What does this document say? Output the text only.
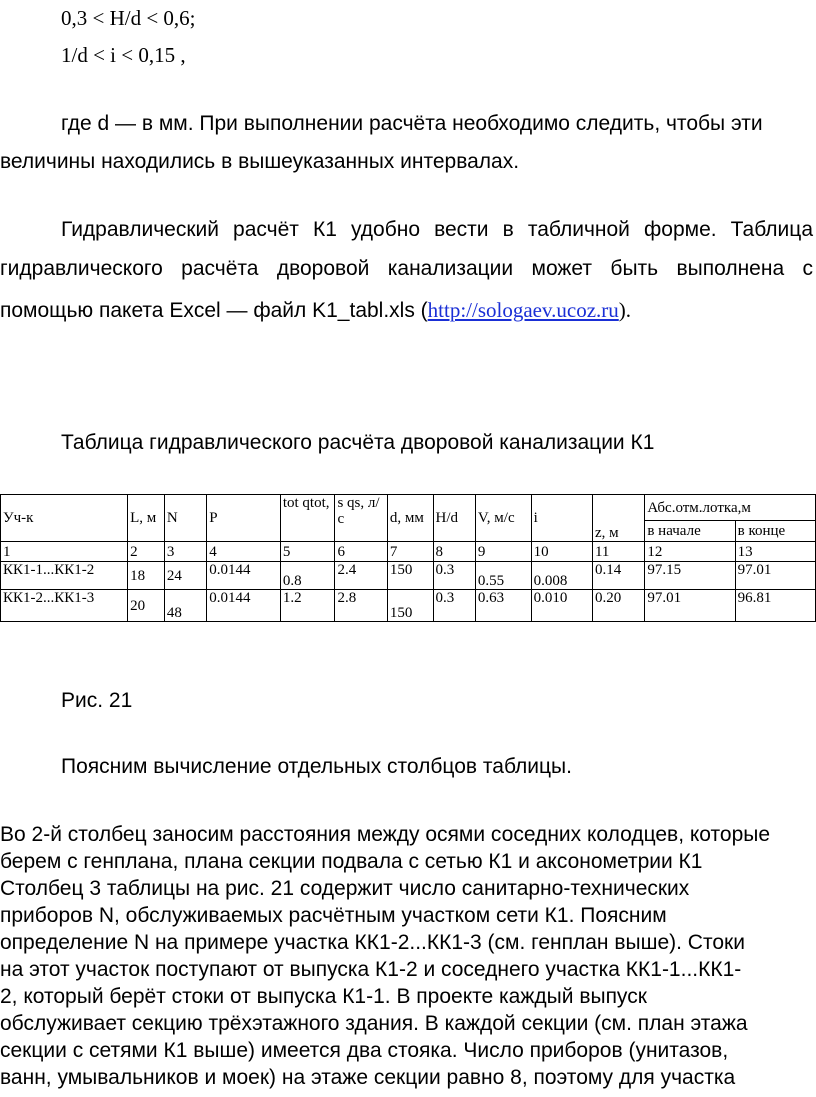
0,3 < H/d < 0,6;

1/d < i < 0,15 ,

где d — в мм. При выполнении расчёта необходимо следить, чтобы эти

величины находились в вышеуказанных интервалах.

Гидравлический расчёт К1 удобно вести в табличной форме. Таблица

гидравлического расчёта дворовой канализации может быть выполнена с

помощью пакета Excel — файл K1_tabl.xls (http://sologaev.ucoz.ru).

Таблица гидравлического расчёта дворовой канализации К1

Уч-к	L, м	N	P	tot qtot,	s qs, л/с	d, мм	H/d	V, м/с	i	z, м	Абс.отм.лотка,м	
											в начале	в конце
1	2	3	4	5	6	7	8	9	10	11	12	13
КК1-1...КК1-2	18	24	0.0144	0.8	2.4	150	0.3	0.55	0.008	0.14	97.15	97.01
КК1-2...КК1-3	20	48	0.0144	1.2	2.8	150	0.3	0.63	0.010	0.20	97.01	96.81

Рис. 21

Поясним вычисление отдельных столбцов таблицы.

Во 2-й столбец заносим расстояния между осями соседних колодцев, которые

берем с генплана, плана секции подвала с сетью К1 и аксонометрии К1

Столбец 3 таблицы на рис. 21 содержит число санитарно-технических

приборов N, обслуживаемых расчётным участком сети К1. Поясним

определение N на примере участка КК1-2...КК1-3 (см. генплан выше). Стоки

на этот участок поступают от выпуска К1-2 и соседнего участка КК1-1...КК1-

2, который берёт стоки от выпуска К1-1. В проекте каждый выпуск

обслуживает секцию трёхэтажного здания. В каждой секции (см. план этажа

секции с сетями К1 выше) имеется два стояка. Число приборов (унитазов,

ванн, умывальников и моек) на этаже секции равно 8, поэтому для участка
